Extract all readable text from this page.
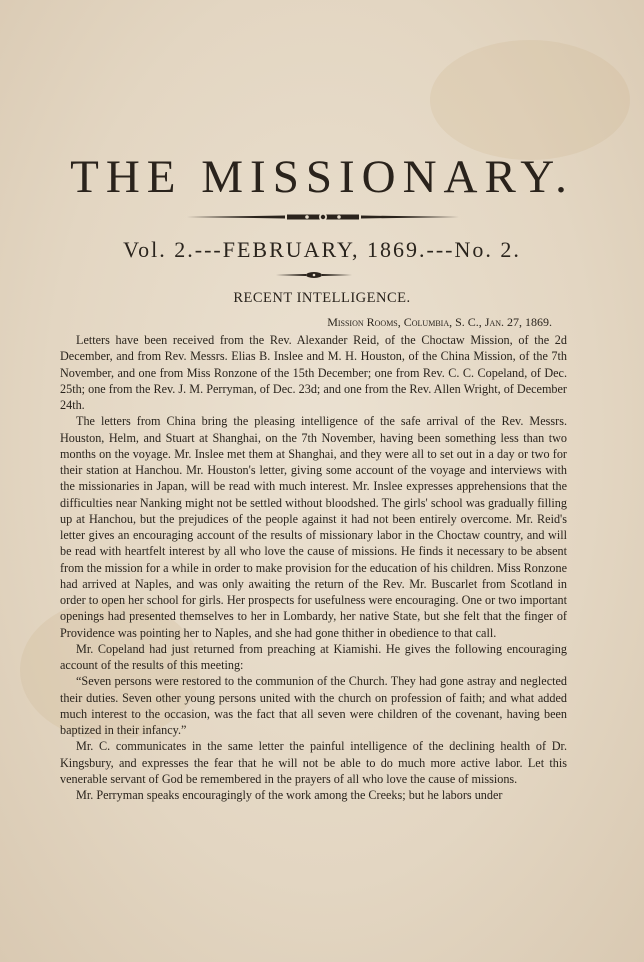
THE MISSIONARY.
Vol. 2.---FEBRUARY, 1869.---No. 2.
RECENT INTELLIGENCE.
Mission Rooms, Columbia, S. C., Jan. 27, 1869.

Letters have been received from the Rev. Alexander Reid, of the Choctaw Mission, of the 2d December, and from Rev. Messrs. Elias B. Inslee and M. H. Houston, of the China Mission, of the 7th November, and one from Miss Ronzone of the 15th December; one from Rev. C. C. Copeland, of Dec. 25th; one from the Rev. J. M. Perryman, of Dec. 23d; and one from the Rev. Allen Wright, of December 24th.

The letters from China bring the pleasing intelligence of the safe arrival of the Rev. Messrs. Houston, Helm, and Stuart at Shanghai, on the 7th November, having been something less than two months on the voyage. Mr. Inslee met them at Shanghai, and they were all to set out in a day or two for their station at Hanchou. Mr. Houston's letter, giving some account of the voyage and interviews with the missionaries in Japan, will be read with much interest. Mr. Inslee expresses apprehensions that the difficulties near Nanking might not be settled without bloodshed. The girls' school was gradually filling up at Hanchou, but the prejudices of the people against it had not been entirely overcome. Mr. Reid's letter gives an encouraging account of the results of missionary labor in the Choctaw country, and will be read with heartfelt interest by all who love the cause of missions. He finds it necessary to be absent from the mission for a while in order to make provision for the education of his children. Miss Ronzone had arrived at Naples, and was only awaiting the return of the Rev. Mr. Buscarlet from Scotland in order to open her school for girls. Her prospects for usefulness were encouraging. One or two important openings had presented themselves to her in Lombardy, her native State, but she felt that the finger of Providence was pointing her to Naples, and she had gone thither in obedience to that call.

Mr. Copeland had just returned from preaching at Kiamishi. He gives the following encouraging account of the results of this meeting:

“Seven persons were restored to the communion of the Church. They had gone astray and neglected their duties. Seven other young persons united with the church on profession of faith; and what added much interest to the occasion, was the fact that all seven were children of the covenant, having been baptized in their infancy.”

Mr. C. communicates in the same letter the painful intelligence of the declining health of Dr. Kingsbury, and expresses the fear that he will not be able to do much more active labor. Let this venerable servant of God be remembered in the prayers of all who love the cause of missions.

Mr. Perryman speaks encouragingly of the work among the Creeks; but he labors under
